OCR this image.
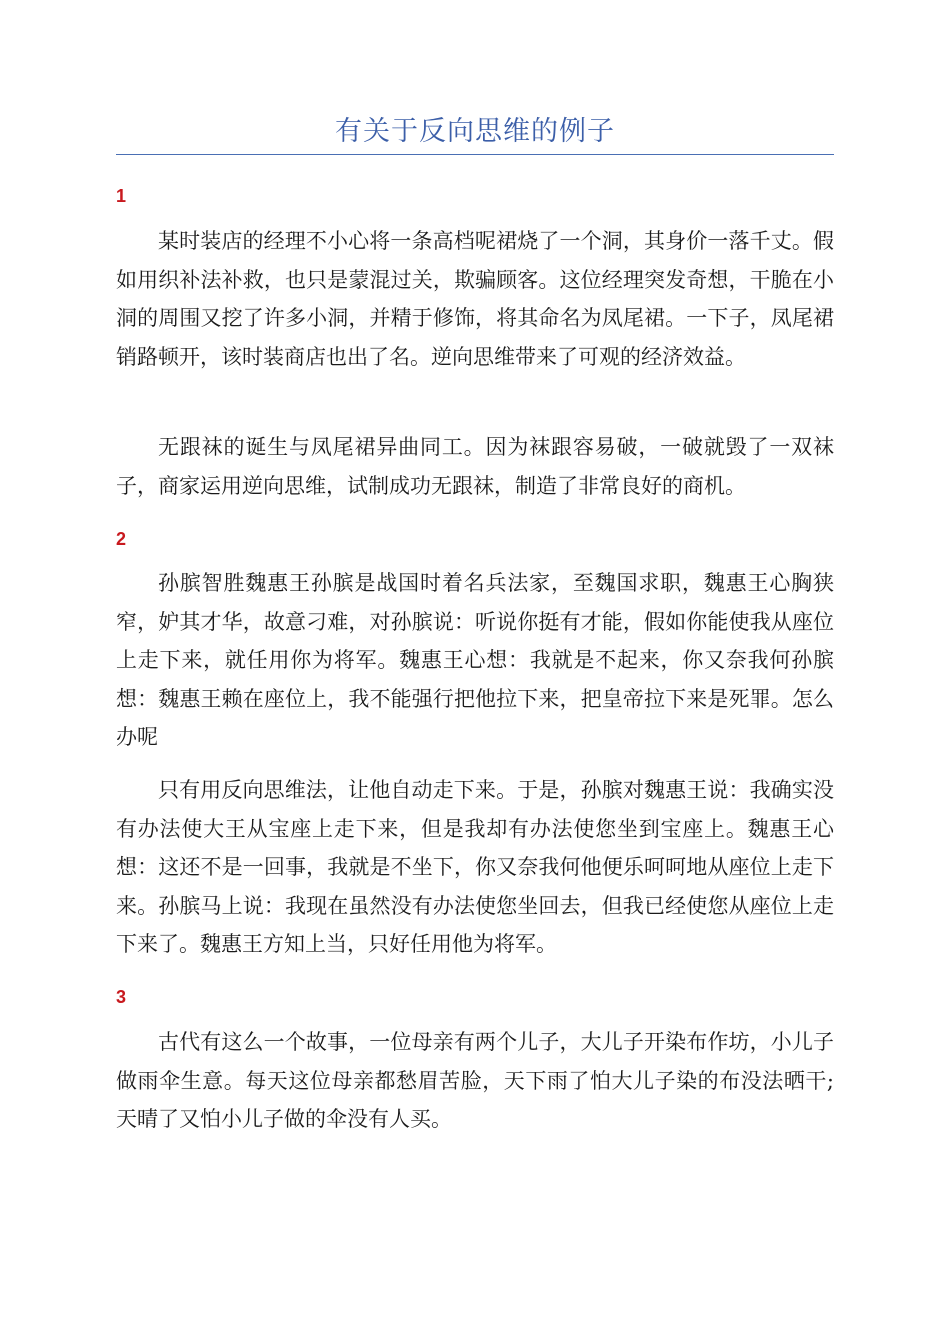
有关于反向思维的例子
1

某时装店的经理不小心将一条高档呢裙烧了一个洞，其身价一落千丈。假如用织补法补救，也只是蒙混过关，欺骗顾客。这位经理突发奇想，干脆在小洞的周围又挖了许多小洞，并精于修饰，将其命名为凤尾裙。一下子，凤尾裙销路顿开，该时装商店也出了名。逆向思维带来了可观的经济效益。

无跟袜的诞生与凤尾裙异曲同工。因为袜跟容易破，一破就毁了一双袜子，商家运用逆向思维，试制成功无跟袜，制造了非常良好的商机。

2

孙膑智胜魏惠王孙膑是战国时着名兵法家，至魏国求职，魏惠王心胸狭窄，妒其才华，故意刁难，对孙膑说：听说你挺有才能，假如你能使我从座位上走下来，就任用你为将军。魏惠王心想：我就是不起来，你又奈我何孙膑想：魏惠王赖在座位上，我不能强行把他拉下来，把皇帝拉下来是死罪。怎么办呢

只有用反向思维法，让他自动走下来。于是，孙膑对魏惠王说：我确实没有办法使大王从宝座上走下来，但是我却有办法使您坐到宝座上。魏惠王心想：这还不是一回事，我就是不坐下，你又奈我何他便乐呵呵地从座位上走下来。孙膑马上说：我现在虽然没有办法使您坐回去，但我已经使您从座位上走下来了。魏惠王方知上当，只好任用他为将军。

3

古代有这么一个故事，一位母亲有两个儿子，大儿子开染布作坊，小儿子做雨伞生意。每天这位母亲都愁眉苦脸，天下雨了怕大儿子染的布没法晒干;天晴了又怕小儿子做的伞没有人买。
